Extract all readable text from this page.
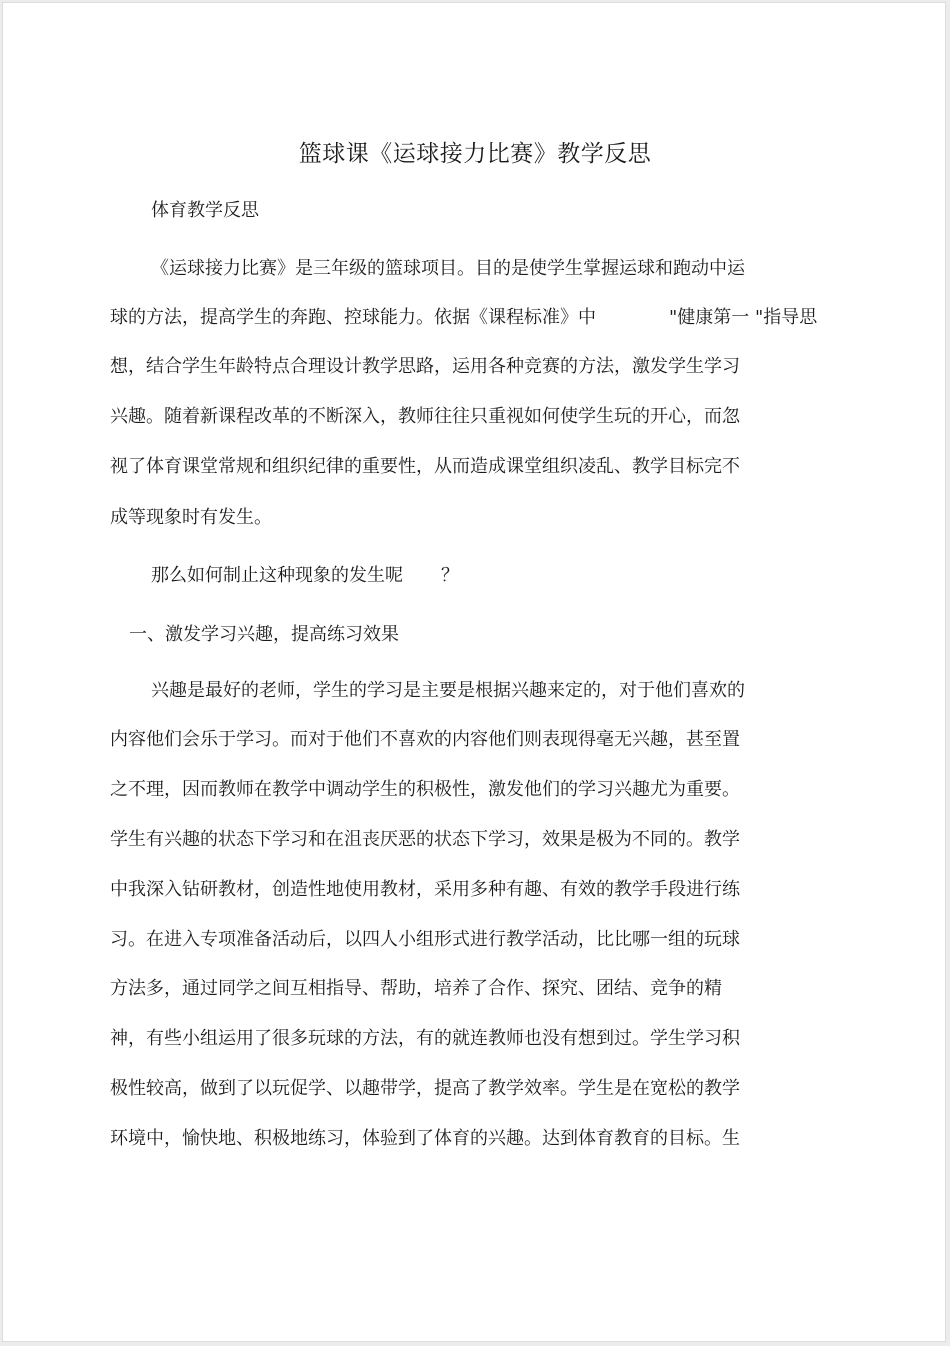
篮球课《运球接力比赛》教学反思
体育教学反思
《运球接力比赛》是三年级的篮球项目。目的是使学生掌握运球和跑动中运
球的方法，提高学生的奔跑、控球能力。依据《课程标准》中	"健康第一 "指导思
想，结合学生年龄特点合理设计教学思路，运用各种竞赛的方法，激发学生学习
兴趣。随着新课程改革的不断深入，教师往往只重视如何使学生玩的开心，而忽
视了体育课堂常规和组织纪律的重要性，从而造成课堂组织凌乱、教学目标完不
成等现象时有发生。
那么如何制止这种现象的发生呢 ？
一、激发学习兴趣，提高练习效果
兴趣是最好的老师，学生的学习是主要是根据兴趣来定的，对于他们喜欢的
内容他们会乐于学习。而对于他们不喜欢的内容他们则表现得毫无兴趣，甚至置
之不理，因而教师在教学中调动学生的积极性，激发他们的学习兴趣尤为重要。
学生有兴趣的状态下学习和在沮丧厌恶的状态下学习，效果是极为不同的。教学
中我深入钻研教材，创造性地使用教材，采用多种有趣、有效的教学手段进行练
习。在进入专项准备活动后，以四人小组形式进行教学活动，比比哪一组的玩球
方法多，通过同学之间互相指导、帮助，培养了合作、探究、团结、竞争的精
神，有些小组运用了很多玩球的方法，有的就连教师也没有想到过。学生学习积
极性较高，做到了以玩促学、以趣带学，提高了教学效率。学生是在宽松的教学
环境中，愉快地、积极地练习，体验到了体育的兴趣。达到体育教育的目标。生
